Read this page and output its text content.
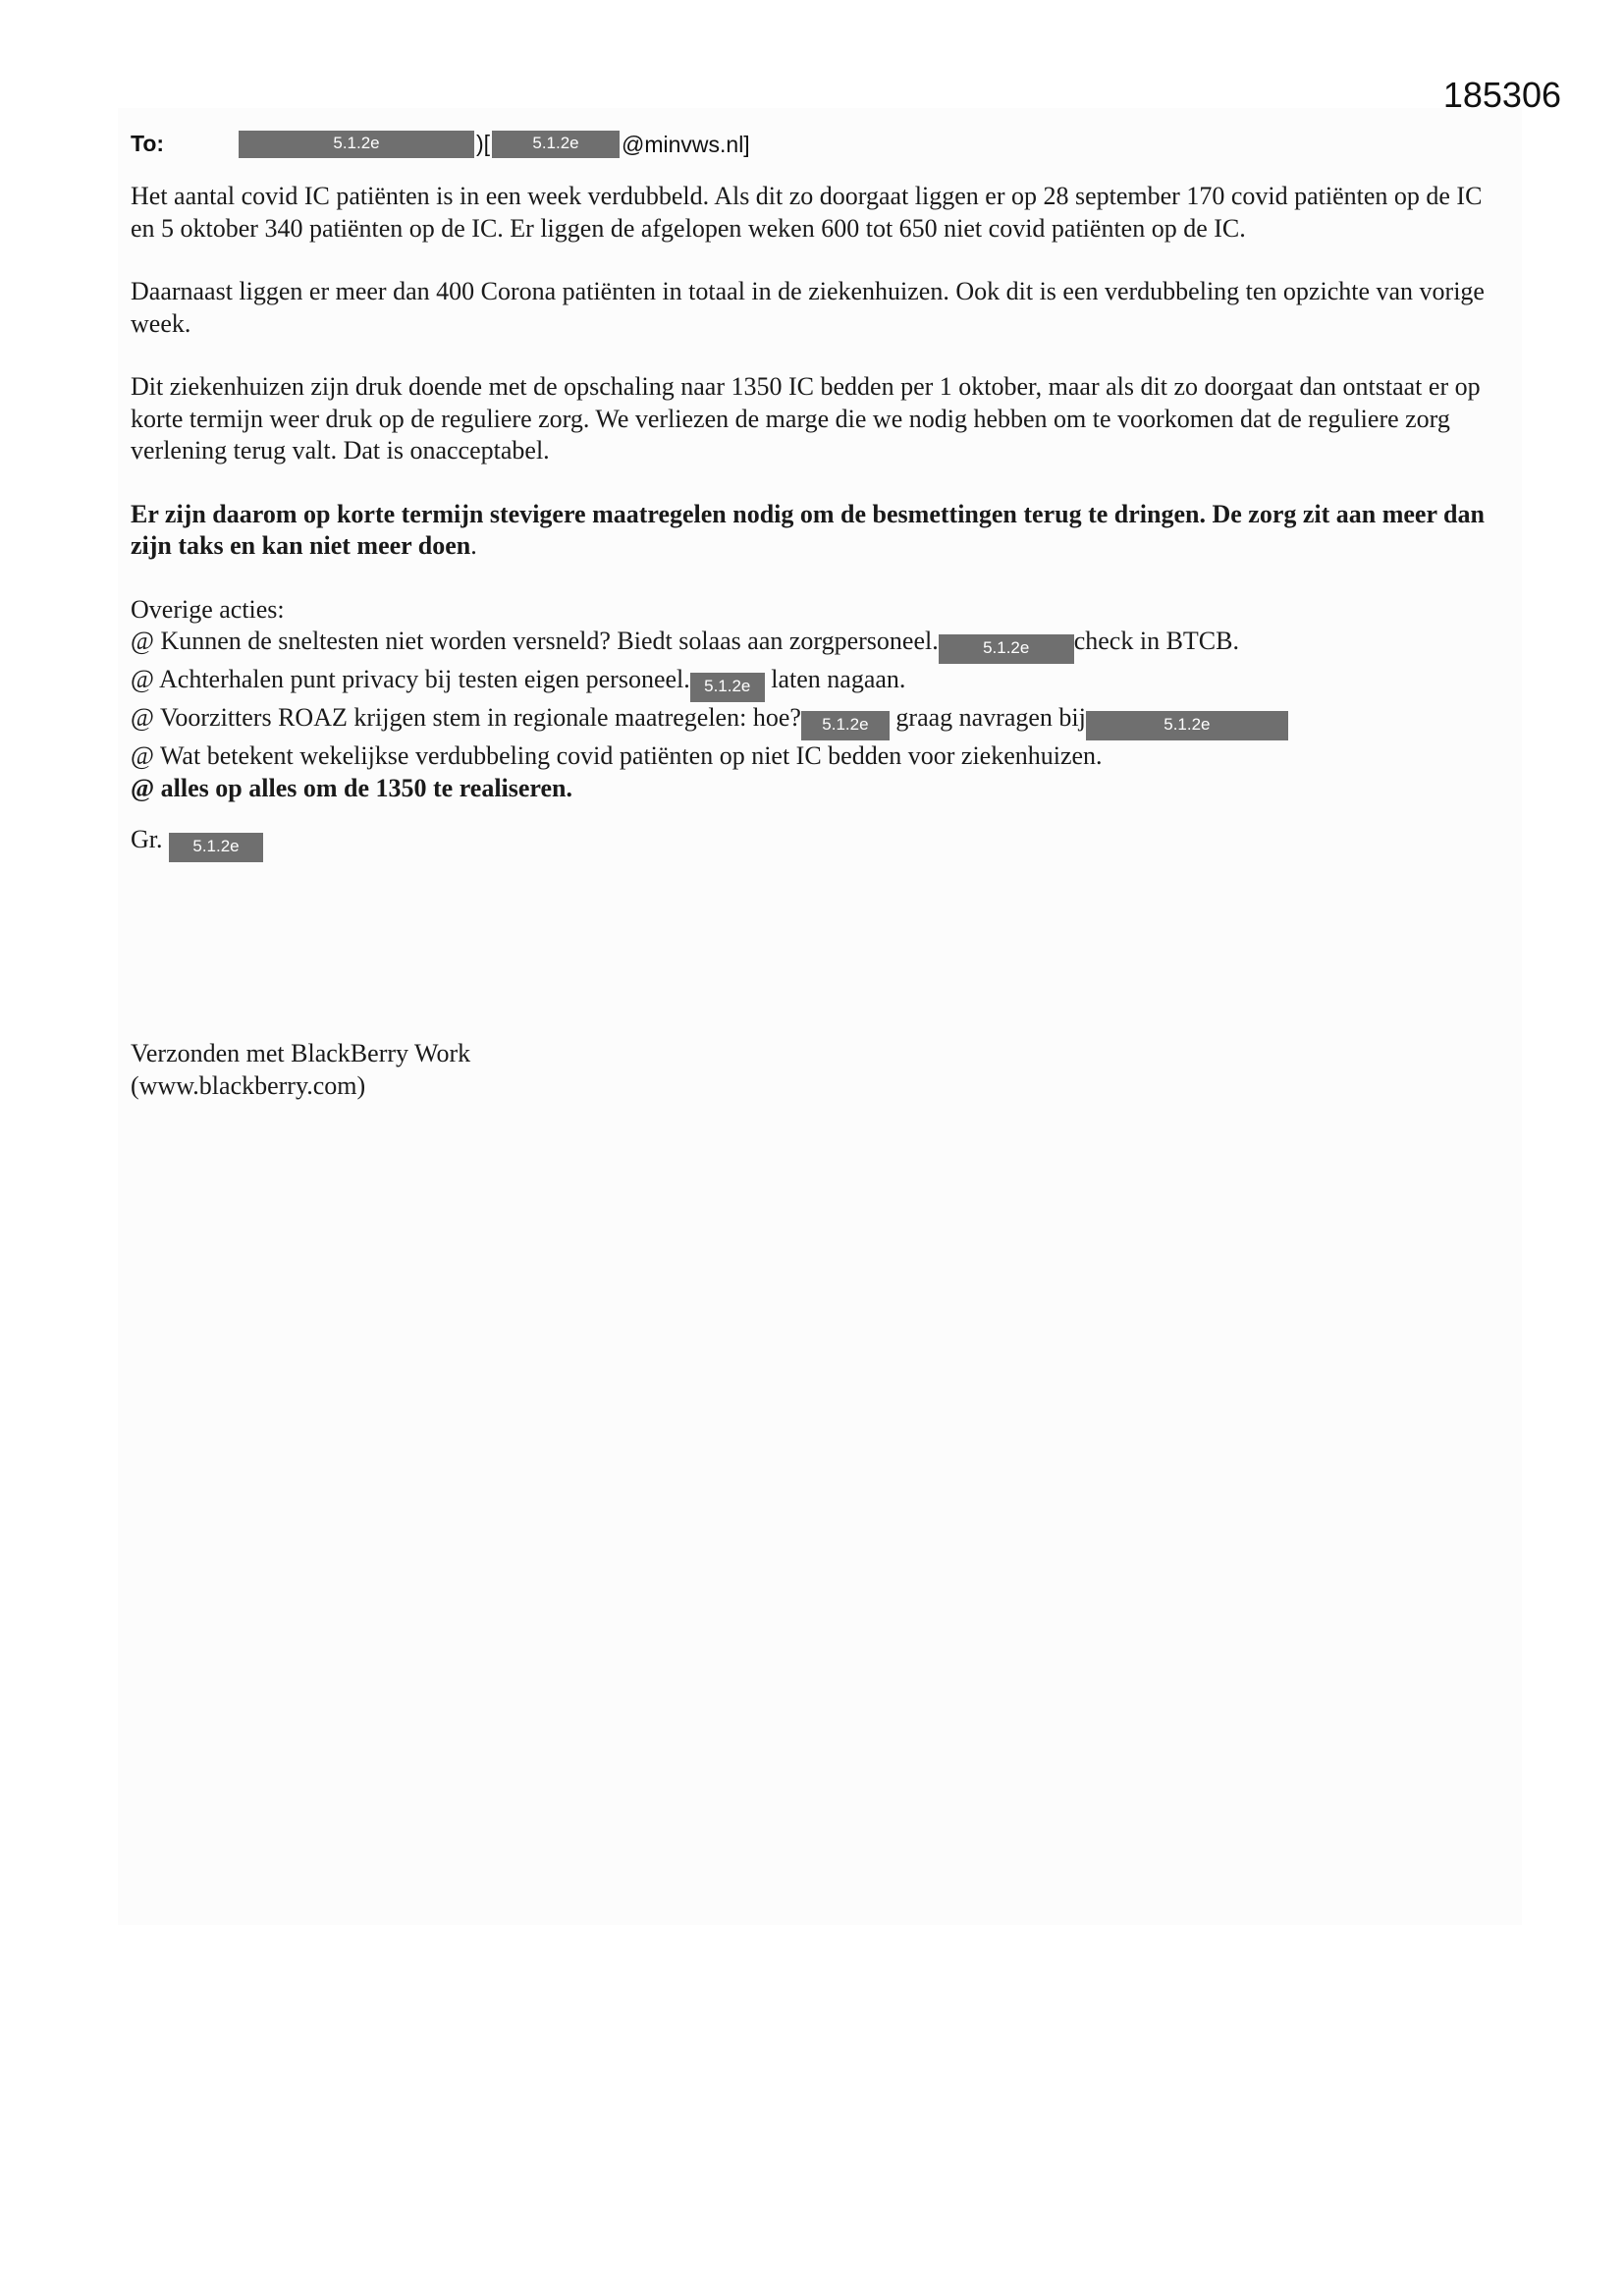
185306
To:	5.1.2e	)[	5.1.2e	@minvws.nl]

Het aantal covid IC patiënten is in een week verdubbeld. Als dit zo doorgaat liggen er op 28 september 170 covid patiënten op de IC en 5 oktober 340 patiënten op de IC. Er liggen de afgelopen weken 600 tot 650 niet covid patiënten op de IC.

Daarnaast liggen er meer dan 400 Corona patiënten in totaal in de ziekenhuizen. Ook dit is een verdubbeling ten opzichte van vorige week.

Dit ziekenhuizen zijn druk doende met de opschaling naar 1350 IC bedden per 1 oktober, maar als dit zo doorgaat dan ontstaat er op korte termijn weer druk op de reguliere zorg. We verliezen de marge die we nodig hebben om te voorkomen dat de reguliere zorg verlening terug valt. Dat is onacceptabel.

Er zijn daarom op korte termijn stevigere maatregelen nodig om de besmettingen terug te dringen. De zorg zit aan meer dan zijn taks en kan niet meer doen.

Overige acties:
@ Kunnen de sneltesten niet worden versneld? Biedt solaas aan zorgpersoneel.	5.1.2e check in BTCB.
@ Achterhalen punt privacy bij testen eigen personeel. 5.1.2e laten nagaan.
@ Voorzitters ROAZ krijgen stem in regionale maatregelen: hoe? 5.1.2e graag navragen bij	5.1.2e
@ Wat betekent wekelijkse verdubbeling covid patiënten op niet IC bedden voor ziekenhuizen.
@ alles op alles om de 1350 te realiseren.
Gr. 5.1.2e
Verzonden met BlackBerry Work
(www.blackberry.com)
